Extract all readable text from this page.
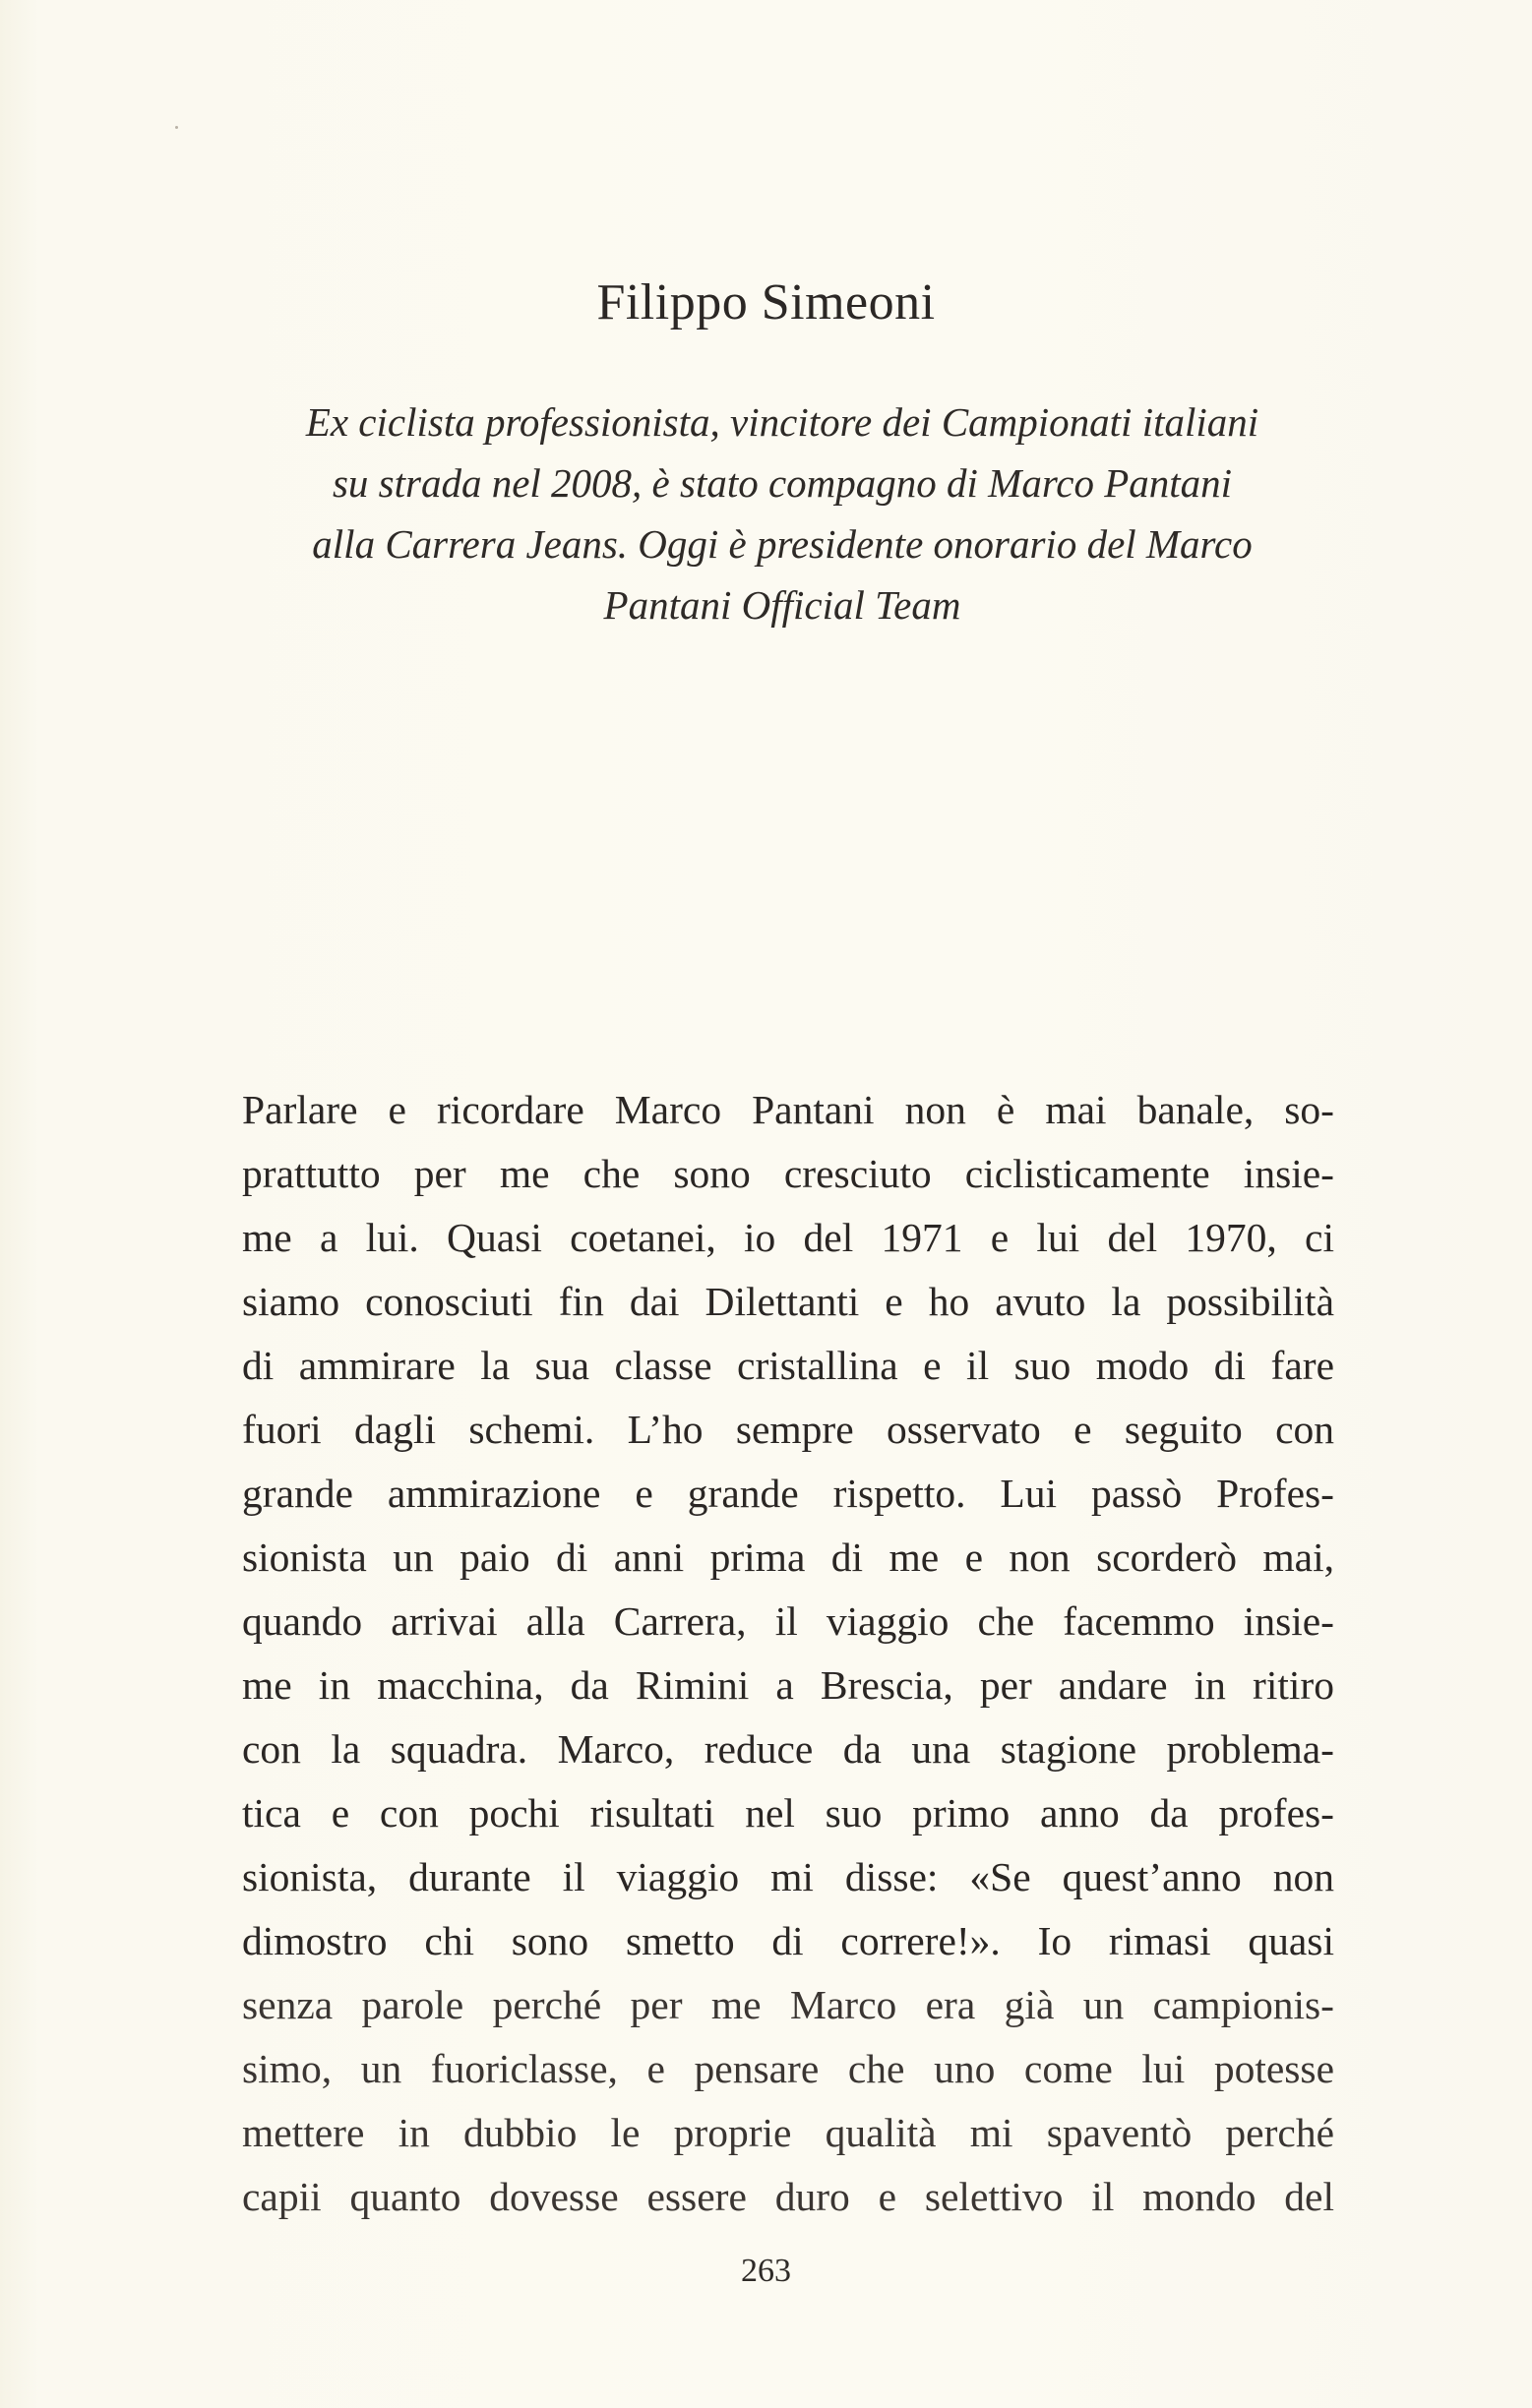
Filippo Simeoni
Ex ciclista professionista, vincitore dei Campionati italiani
su strada nel 2008, è stato compagno di Marco Pantani
alla Carrera Jeans. Oggi è presidente onorario del Marco
Pantani Official Team
Parlare e ricordare Marco Pantani non è mai banale, so-
prattutto per me che sono cresciuto ciclisticamente insie-
me a lui. Quasi coetanei, io del 1971 e lui del 1970, ci
siamo conosciuti fin dai Dilettanti e ho avuto la possibilità
di ammirare la sua classe cristallina e il suo modo di fare
fuori dagli schemi. L’ho sempre osservato e seguito con
grande ammirazione e grande rispetto. Lui passò Profes-
sionista un paio di anni prima di me e non scorderò mai,
quando arrivai alla Carrera, il viaggio che facemmo insie-
me in macchina, da Rimini a Brescia, per andare in ritiro
con la squadra. Marco, reduce da una stagione problema-
tica e con pochi risultati nel suo primo anno da profes-
sionista, durante il viaggio mi disse: «Se quest’anno non
dimostro chi sono smetto di correre!». Io rimasi quasi
senza parole perché per me Marco era già un campionis-
simo, un fuoriclasse, e pensare che uno come lui potesse
mettere in dubbio le proprie qualità mi spaventò perché
capii quanto dovesse essere duro e selettivo il mondo del
263
